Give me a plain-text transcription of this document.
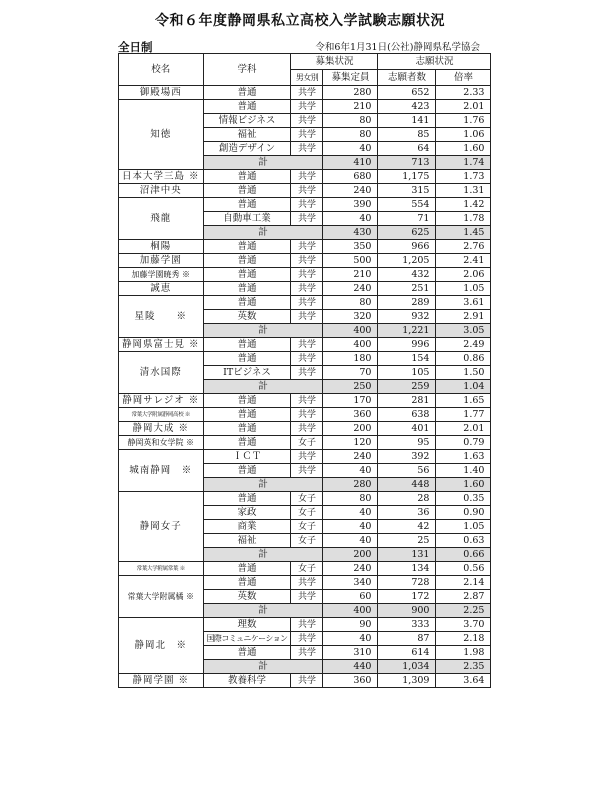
令和６年度静岡県私立高校入学試験志願状況
全日制	令和6年1月31日(公社)静岡県私学協会
校名	学科	募集状況		志願状況	
		男女別	募集定員	志願者数	倍率
御殿場西	普通	共学	280	652	2.33
知徳	普通	共学	210	423	2.01
	情報ビジネス	共学	80	141	1.76
	福祉	共学	80	85	1.06
	創造デザイン	共学	40	64	1.60
	計		410	713	1.74
日本大学三島 ※	普通	共学	680	1,175	1.73
沼津中央	普通	共学	240	315	1.31
飛龍	普通	共学	390	554	1.42
	自動車工業	共学	40	71	1.78
	計		430	625	1.45
桐陽	普通	共学	350	966	2.76
加藤学園	普通	共学	500	1,205	2.41
加藤学園暁秀 ※	普通	共学	210	432	2.06
誠恵	普通	共学	240	251	1.05
星陵　　※	普通	共学	80	289	3.61
	英数	共学	320	932	2.91
	計		400	1,221	3.05
静岡県富士見 ※	普通	共学	400	996	2.49
清水国際	普通	共学	180	154	0.86
	ITビジネス	共学	70	105	1.50
	計		250	259	1.04
静岡サレジオ ※	普通	共学	170	281	1.65
常葉大学附属静岡高校 ※	普通	共学	360	638	1.77
静岡大成 ※	普通	共学	200	401	2.01
静岡英和女学院 ※	普通	女子	120	95	0.79
城南静岡　※	ＩＣＴ	共学	240	392	1.63
	普通	共学	40	56	1.40
	計		280	448	1.60
静岡女子	普通	女子	80	28	0.35
	家政	女子	40	36	0.90
	商業	女子	40	42	1.05
	福祉	女子	40	25	0.63
	計		200	131	0.66
常葉大学附属常葉 ※	普通	女子	240	134	0.56
常葉大学附属橘 ※	普通	共学	340	728	2.14
	英数	共学	60	172	2.87
	計		400	900	2.25
静岡北　※	理数	共学	90	333	3.70
	国際コミュニケーション	共学	40	87	2.18
	普通	共学	310	614	1.98
	計		440	1,034	2.35
静岡学園 ※	教養科学	共学	360	1,309	3.64
